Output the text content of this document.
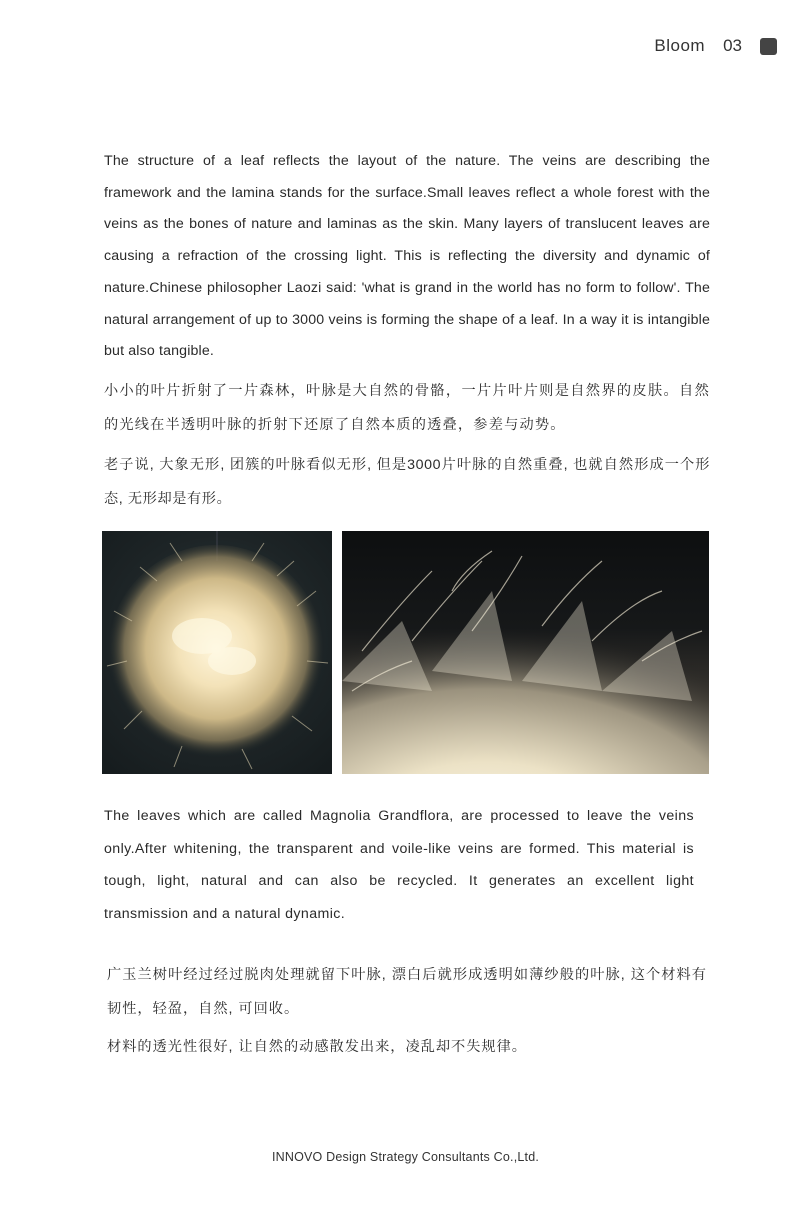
Bloom 03

The structure of a leaf reflects the layout of the nature. The veins are describing the framework and the lamina stands for the surface.Small leaves reflect a whole forest with the veins as the bones of nature and laminas as the skin. Many layers of translucent leaves are causing a refraction of the crossing light. This is reflecting the diversity and dynamic of nature.Chinese philosopher Laozi said: 'what is grand in the world has no form to follow'. The natural arrangement of up to 3000 veins is forming the shape of a leaf. In a way it is intangible but also tangible.

小小的叶片折射了一片森林，叶脉是大自然的骨骼，一片片叶片则是自然界的皮肤。自然的光线在半透明叶脉的折射下还原了自然本质的透叠，参差与动势。

老子说, 大象无形, 团簇的叶脉看似无形, 但是3000片叶脉的自然重叠, 也就自然形成一个形态, 无形却是有形。

The leaves which are called Magnolia Grandflora, are processed to leave the veins only.After whitening, the transparent and voile-like veins are formed. This material is tough, light, natural and can also be recycled. It generates an excellent light transmission and a natural dynamic.

广玉兰树叶经过经过脱肉处理就留下叶脉, 漂白后就形成透明如薄纱般的叶脉, 这个材料有韧性，轻盈，自然, 可回收。

材料的透光性很好, 让自然的动感散发出来，凌乱却不失规律。

INNOVO Design Strategy Consultants Co.,Ltd.
